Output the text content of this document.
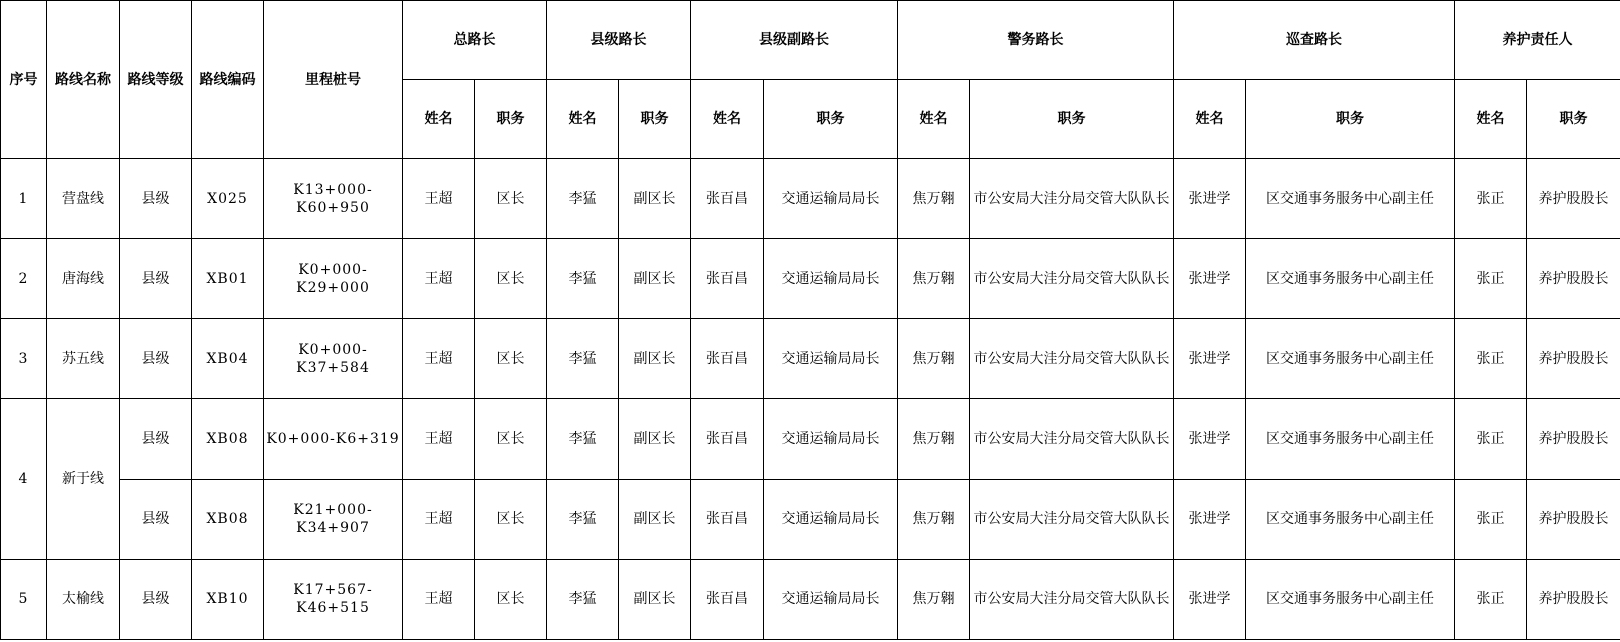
序号	路线名称	路线等级	路线编码	里程桩号	总路长		县级路长		县级副路长		警务路长		巡查路长		养护责任人	
					姓名	职务	姓名	职务	姓名	职务	姓名	职务	姓名	职务	姓名	职务
1	营盘线	县级	X025	K13+000-K60+950	王超	区长	李猛	副区长	张百昌	交通运输局局长	焦万翱	市公安局大洼分局交管大队队长	张进学	区交通事务服务中心副主任	张正	养护股股长
2	唐海线	县级	XB01	K0+000-K29+000	王超	区长	李猛	副区长	张百昌	交通运输局局长	焦万翱	市公安局大洼分局交管大队队长	张进学	区交通事务服务中心副主任	张正	养护股股长
3	苏五线	县级	XB04	K0+000-K37+584	王超	区长	李猛	副区长	张百昌	交通运输局局长	焦万翱	市公安局大洼分局交管大队队长	张进学	区交通事务服务中心副主任	张正	养护股股长
4	新于线	县级	XB08	K0+000-K6+319	王超	区长	李猛	副区长	张百昌	交通运输局局长	焦万翱	市公安局大洼分局交管大队队长	张进学	区交通事务服务中心副主任	张正	养护股股长
		县级	XB08	K21+000-K34+907	王超	区长	李猛	副区长	张百昌	交通运输局局长	焦万翱	市公安局大洼分局交管大队队长	张进学	区交通事务服务中心副主任	张正	养护股股长
5	太榆线	县级	XB10	K17+567-K46+515	王超	区长	李猛	副区长	张百昌	交通运输局局长	焦万翱	市公安局大洼分局交管大队队长	张进学	区交通事务服务中心副主任	张正	养护股股长
